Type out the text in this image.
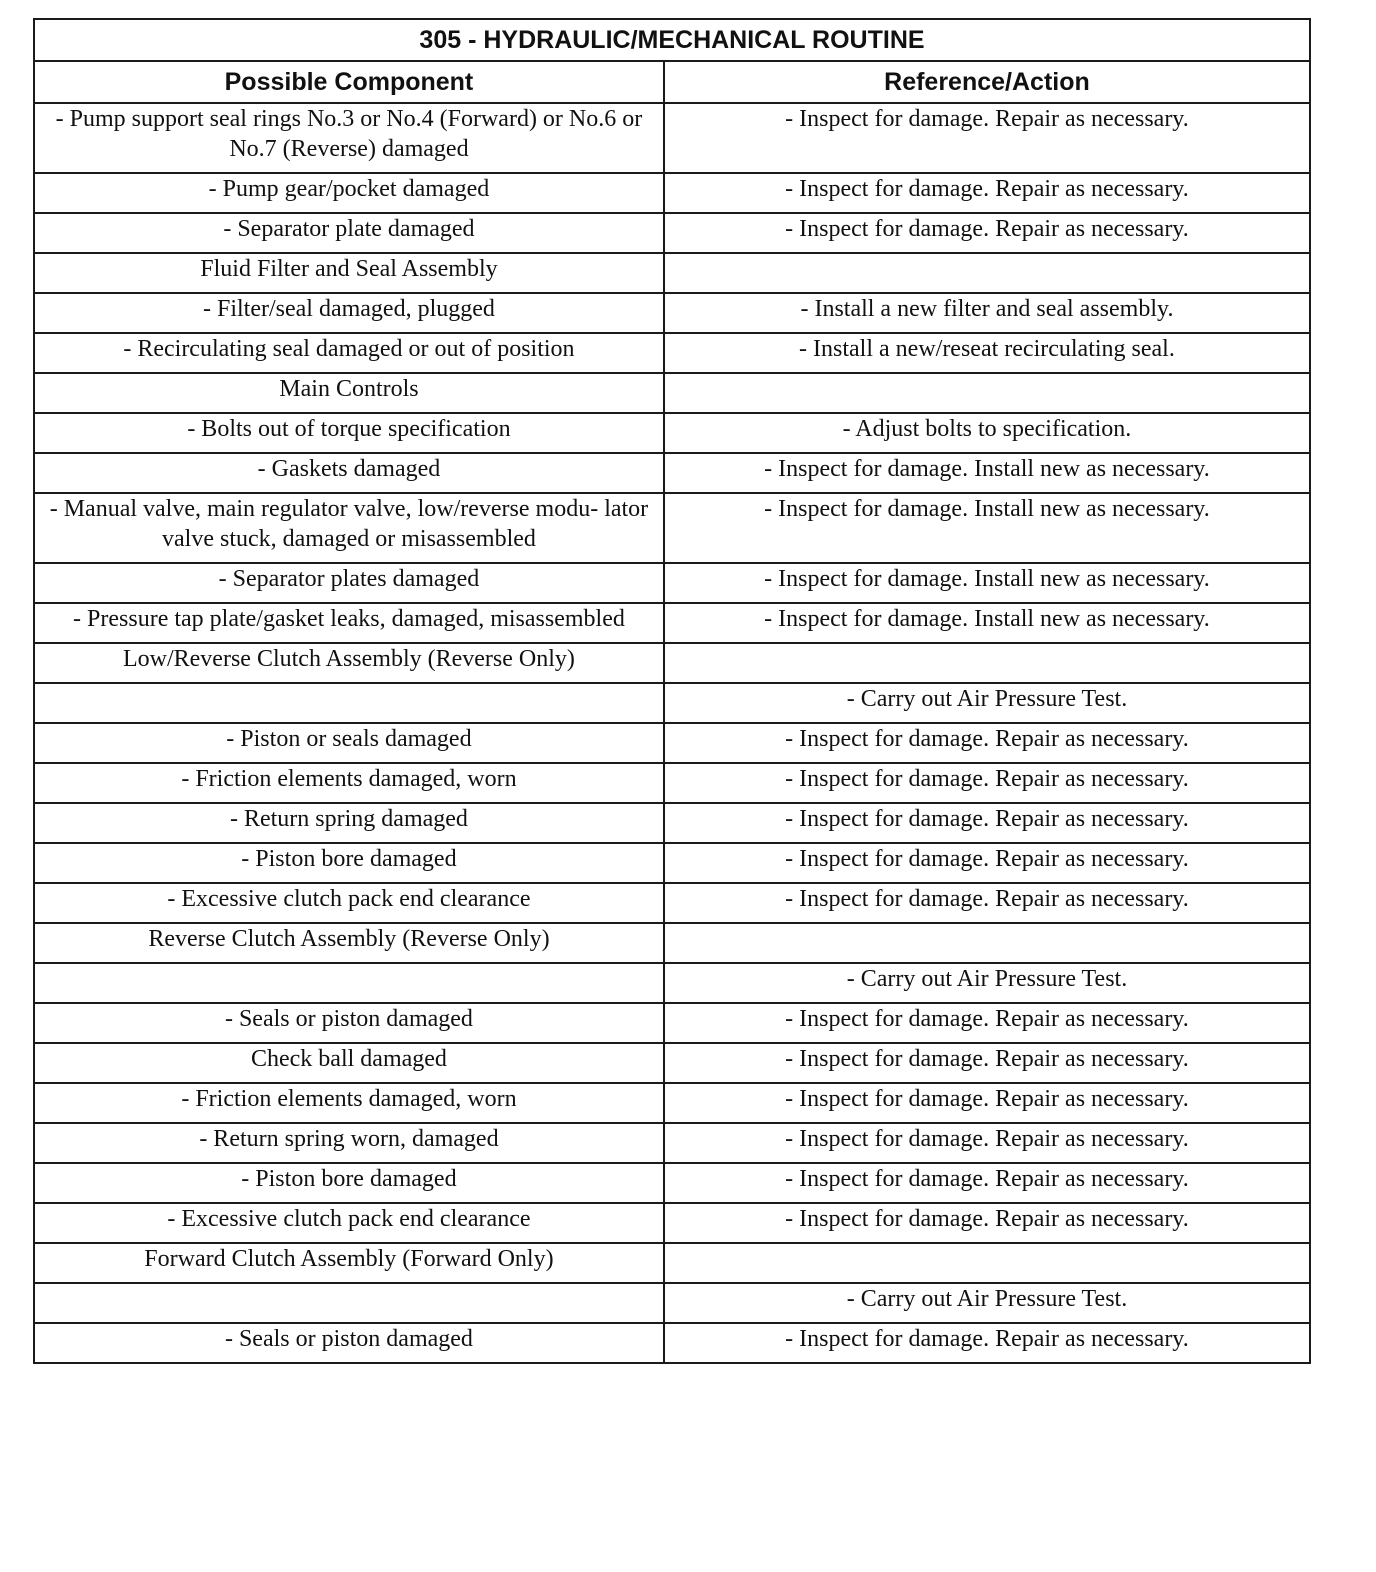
305 - HYDRAULIC/MECHANICAL ROUTINE	
Possible Component	Reference/Action
- Pump support seal rings No.3 or No.4 (Forward) or No.6 or No.7 (Reverse) damaged	- Inspect for damage. Repair as necessary.
- Pump gear/pocket damaged	- Inspect for damage. Repair as necessary.
- Separator plate damaged	- Inspect for damage. Repair as necessary.
Fluid Filter and Seal Assembly	
- Filter/seal damaged, plugged	- Install a new filter and seal assembly.
- Recirculating seal damaged or out of position	- Install a new/reseat recirculating seal.
Main Controls	
- Bolts out of torque specification	- Adjust bolts to specification.
- Gaskets damaged	- Inspect for damage. Install new as necessary.
- Manual valve, main regulator valve, low/reverse modu- lator valve stuck, damaged or misassembled	- Inspect for damage. Install new as necessary.
- Separator plates damaged	- Inspect for damage. Install new as necessary.
- Pressure tap plate/gasket leaks, damaged, misassembled	- Inspect for damage. Install new as necessary.
Low/Reverse Clutch Assembly (Reverse Only)	
	- Carry out Air Pressure Test.
- Piston or seals damaged	- Inspect for damage. Repair as necessary.
- Friction elements damaged, worn	- Inspect for damage. Repair as necessary.
- Return spring damaged	- Inspect for damage. Repair as necessary.
- Piston bore damaged	- Inspect for damage. Repair as necessary.
- Excessive clutch pack end clearance	- Inspect for damage. Repair as necessary.
Reverse Clutch Assembly (Reverse Only)	
	- Carry out Air Pressure Test.
- Seals or piston damaged	- Inspect for damage. Repair as necessary.
Check ball damaged	- Inspect for damage. Repair as necessary.
- Friction elements damaged, worn	- Inspect for damage. Repair as necessary.
- Return spring worn, damaged	- Inspect for damage. Repair as necessary.
- Piston bore damaged	- Inspect for damage. Repair as necessary.
- Excessive clutch pack end clearance	- Inspect for damage. Repair as necessary.
Forward Clutch Assembly (Forward Only)	
	- Carry out Air Pressure Test.
- Seals or piston damaged	- Inspect for damage. Repair as necessary.
